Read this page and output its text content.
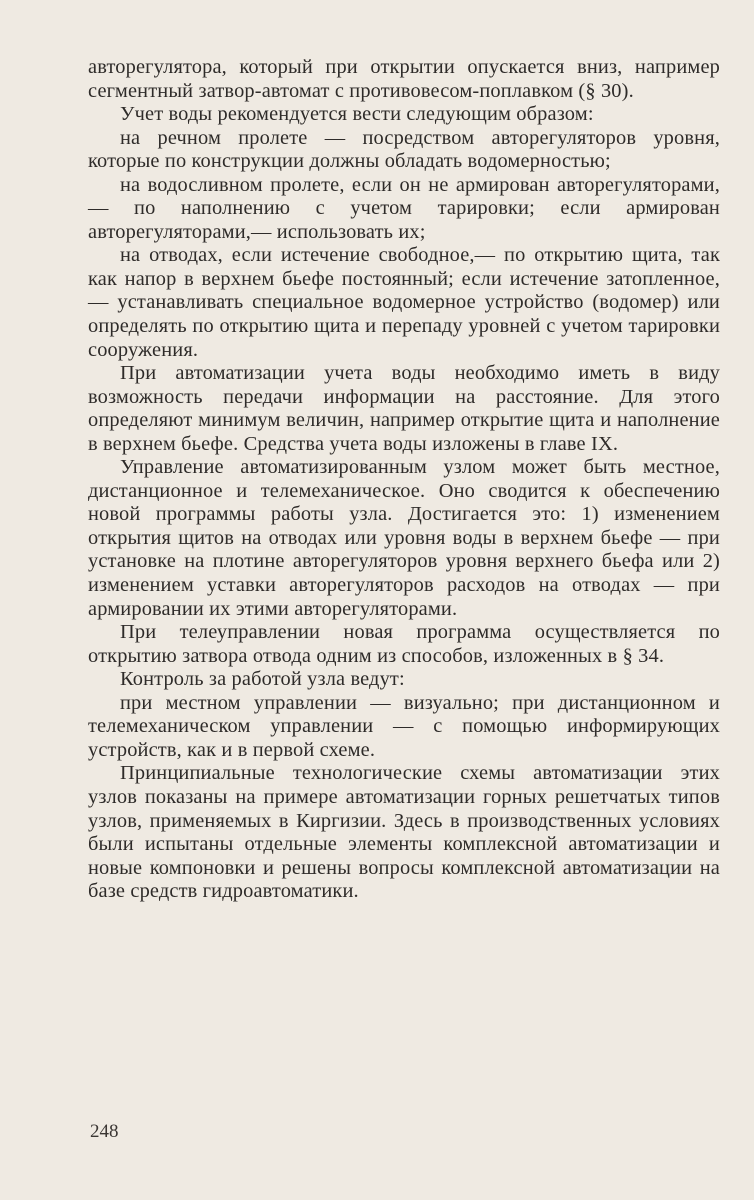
авторегулятора, который при открытии опускается вниз, например сегментный затвор-автомат с противовесом-поплавком (§ 30).

Учет воды рекомендуется вести следующим образом:

на речном пролете — посредством авторегуляторов уровня, которые по конструкции должны обладать водомерностью;

на водосливном пролете, если он не армирован авторегуляторами,— по наполнению с учетом тарировки; если армирован авторегуляторами,— использовать их;

на отводах, если истечение свободное,— по открытию щита, так как напор в верхнем бьефе постоянный; если истечение затопленное,— устанавливать специальное водомерное устройство (водомер) или определять по открытию щита и перепаду уровней с учетом тарировки сооружения.

При автоматизации учета воды необходимо иметь в виду возможность передачи информации на расстояние. Для этого определяют минимум величин, например открытие щита и наполнение в верхнем бьефе. Средства учета воды изложены в главе IX.

Управление автоматизированным узлом может быть местное, дистанционное и телемеханическое. Оно сводится к обеспечению новой программы работы узла. Достигается это: 1) изменением открытия щитов на отводах или уровня воды в верхнем бьефе — при установке на плотине авторегуляторов уровня верхнего бьефа или 2) изменением уставки авторегуляторов расходов на отводах — при армировании их этими авторегуляторами.

При телеуправлении новая программа осуществляется по открытию затвора отвода одним из способов, изложенных в § 34.

Контроль за работой узла ведут:

при местном управлении — визуально; при дистанционном и телемеханическом управлении — с помощью информирующих устройств, как и в первой схеме.

Принципиальные технологические схемы автоматизации этих узлов показаны на примере автоматизации горных решетчатых типов узлов, применяемых в Киргизии. Здесь в производственных условиях были испытаны отдельные элементы комплексной автоматизации и новые компоновки и решены вопросы комплексной автоматизации на базе средств гидроавтоматики.

248
